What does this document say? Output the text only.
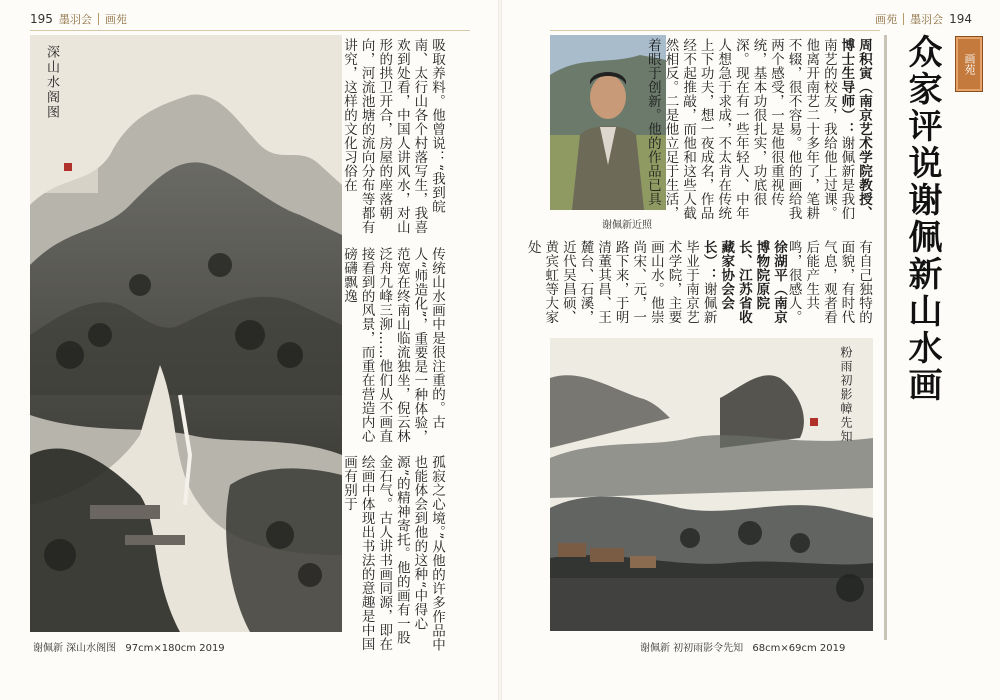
195 墨羽会 画苑	画苑 墨羽会 194
深山水阁图
谢佩新 深山水阁图 97cm×180cm 2019
吸取养料。他曾说：“我到皖南、太行山各个村落写生，我喜欢到处看，中国人讲风水，对山形的拱卫开合，房屋的座落朝向，河流池塘的流向分布等都有讲究，这样的文化习俗在
传统山水画中是很注重的。古人“师造化”，重要是一种体验，范宽在终南山临流独坐，倪云林泛舟九峰三泖……他们从不画直接看到的风景，而重在营造内心磅礴飘逸
孤寂之心境。”从他的许多作品中也能体会到他的这种“中得心源”的精神寄托。他的画有一股金石气。古人讲书画同源，即在绘画中体现出书法的意趣是中国画有别于
谢佩新近照
周积寅（南京艺术学院教授、博士生导师）：谢佩新是我们南艺的校友，我给他上过课。他离开南艺二十多年了，笔耕不辍，很不容易。他的画给我两个感受，一是他很重视传统，基本功很扎实，功底很深。现在有一些年轻人、中年人想急于求成，不太肯在传统上下功夫，想一夜成名，作品经不起推敲，而他和这些人截然相反。二是他立足于生活，着眼于创新。他的作品已具
有自己独特的面貌，有时代气息，观者看后能产生共鸣，很感人。
徐湖平（南京博物院原院长、江苏省收藏家协会会长）：谢佩新毕业于南京艺术学院，主要画山水。他崇尚宋、元，一路下来，于明清董其昌、王麓台、石溪，近代吴昌硕、黄宾虹等大家处
粉雨初影幛先知
谢佩新 初初雨影令先知 68cm×69cm 2019
画苑
众家评说谢佩新山水画
